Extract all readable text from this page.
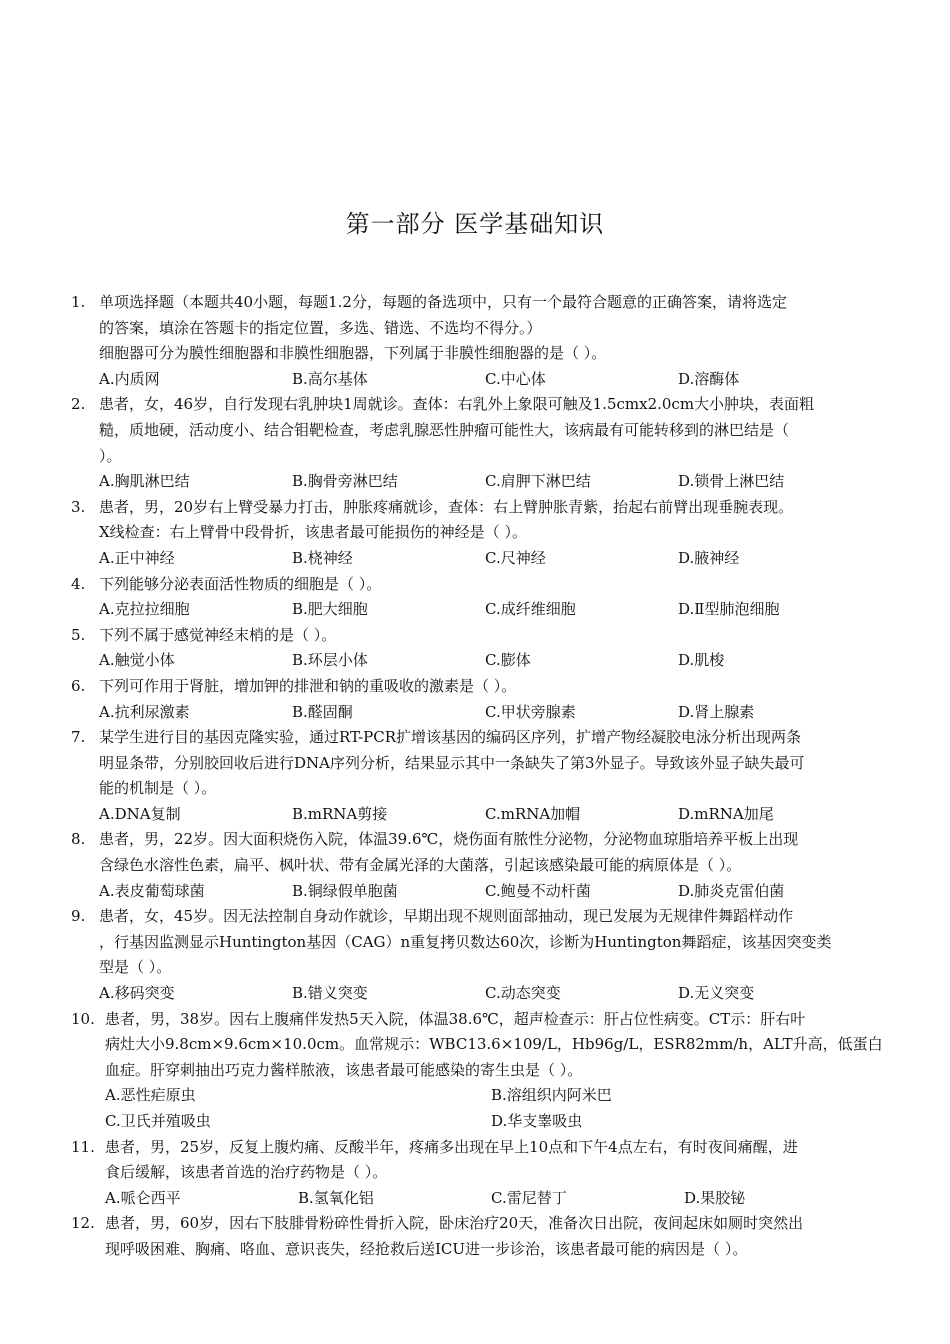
第一部分 医学基础知识
1. 单项选择题（本题共40小题，每题1.2分，每题的备选项中，只有一个最符合题意的正确答案，请将选定
的答案，填涂在答题卡的指定位置，多选、错选、不选均不得分。）
细胞器可分为膜性细胞器和非膜性细胞器，下列属于非膜性细胞器的是（ ）。
A.内质网	B.高尔基体	C.中心体	D.溶酶体
2. 患者，女，46岁，自行发现右乳肿块1周就诊。查体：右乳外上象限可触及1.5cmx2.0cm大小肿块，表面粗
糙，质地硬，活动度小、结合钼靶检查，考虑乳腺恶性肿瘤可能性大，该病最有可能转移到的淋巴结是（
）。
A.胸肌淋巴结	B.胸骨旁淋巴结	C.肩胛下淋巴结	D.锁骨上淋巴结
3. 患者，男，20岁右上臂受暴力打击，肿胀疼痛就诊，查体：右上臂肿胀青紫，抬起右前臂出现垂腕表现。
X线检查：右上臂骨中段骨折，该患者最可能损伤的神经是（ ）。
A.正中神经	B.桡神经	C.尺神经	D.腋神经
4. 下列能够分泌表面活性物质的细胞是（ ）。
A.克拉拉细胞	B.肥大细胞	C.成纤维细胞	D.Ⅱ型肺泡细胞
5. 下列不属于感觉神经末梢的是（ ）。
A.触觉小体	B.环层小体	C.膨体	D.肌梭
6. 下列可作用于肾脏，增加钾的排泄和钠的重吸收的激素是（ ）。
A.抗利尿激素	B.醛固酮	C.甲状旁腺素	D.肾上腺素
7. 某学生进行目的基因克隆实验，通过RT-PCR扩增该基因的编码区序列，扩增产物经凝胶电泳分析出现两条
明显条带，分别胶回收后进行DNA序列分析，结果显示其中一条缺失了第3外显子。导致该外显子缺失最可
能的机制是（ ）。
A.DNA复制	B.mRNA剪接	C.mRNA加帽	D.mRNA加尾
8. 患者，男，22岁。因大面积烧伤入院，体温39.6℃，烧伤面有脓性分泌物，分泌物血琼脂培养平板上出现
含绿色水溶性色素，扁平、枫叶状、带有金属光泽的大菌落，引起该感染最可能的病原体是（ ）。
A.表皮葡萄球菌	B.铜绿假单胞菌	C.鲍曼不动杆菌	D.肺炎克雷伯菌
9. 患者，女，45岁。因无法控制自身动作就诊，早期出现不规则面部抽动，现已发展为无规律件舞蹈样动作
，行基因监测显示Huntington基因（CAG）n重复拷贝数达60次，诊断为Huntington舞蹈症，该基因突变类
型是（ ）。
A.移码突变	B.错义突变	C.动态突变	D.无义突变
10. 患者，男，38岁。因右上腹痛伴发热5天入院，体温38.6℃，超声检查示：肝占位性病变。CT示：肝右叶
病灶大小9.8cm×9.6cm×10.0cm。血常规示：WBC13.6×109/L，Hb96g/L，ESR82mm/h，ALT升高，低蛋白
血症。肝穿刺抽出巧克力酱样脓液，该患者最可能感染的寄生虫是（ ）。
A.恶性疟原虫	B.溶组织内阿米巴
C.卫氏并殖吸虫	D.华支睾吸虫
11. 患者，男，25岁，反复上腹灼痛、反酸半年，疼痛多出现在早上10点和下午4点左右，有时夜间痛醒，进
食后缓解，该患者首选的治疗药物是（ ）。
A.哌仑西平	B.氢氧化铝	C.雷尼替丁	D.果胶铋
12. 患者，男，60岁，因右下肢腓骨粉碎性骨折入院，卧床治疗20天，准备次日出院，夜间起床如厕时突然出
现呼吸困难、胸痛、咯血、意识丧失，经抢救后送ICU进一步诊治，该患者最可能的病因是（ ）。
